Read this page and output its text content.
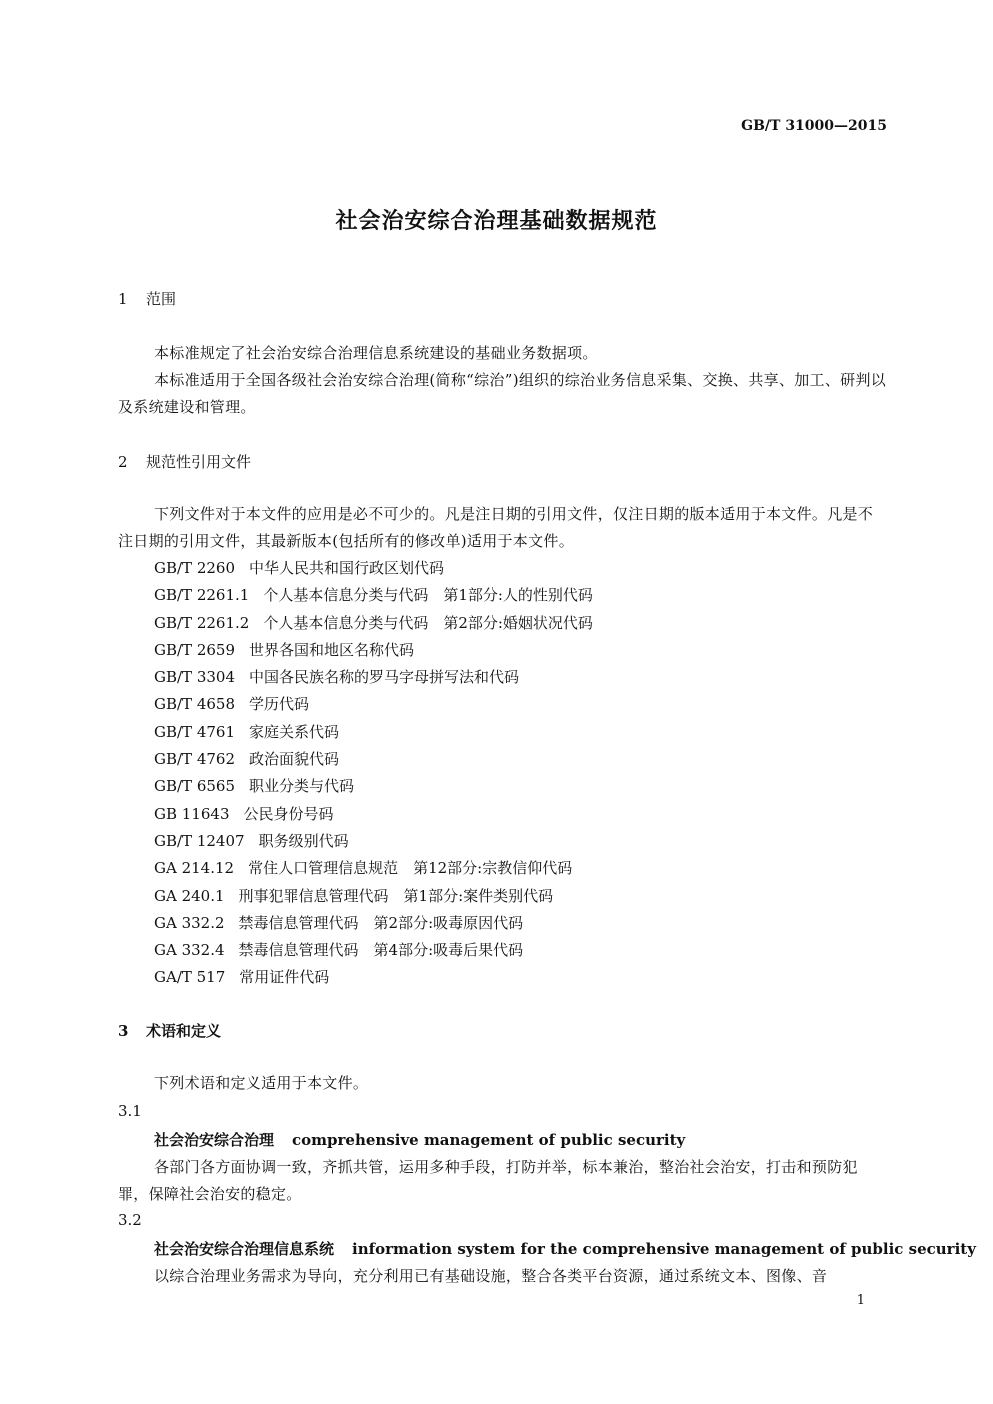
GB/T 31000—2015
社会治安综合治理基础数据规范
1 范围
本标准规定了社会治安综合治理信息系统建设的基础业务数据项。
本标准适用于全国各级社会治安综合治理(简称“综治”)组织的综治业务信息采集、交换、共享、加工、研判以及系统建设和管理。
2 规范性引用文件
下列文件对于本文件的应用是必不可少的。凡是注日期的引用文件，仅注日期的版本适用于本文件。凡是不注日期的引用文件，其最新版本(包括所有的修改单)适用于本文件。
GB/T 2260 中华人民共和国行政区划代码
GB/T 2261.1 个人基本信息分类与代码　第1部分:人的性别代码
GB/T 2261.2 个人基本信息分类与代码　第2部分:婚姻状况代码
GB/T 2659 世界各国和地区名称代码
GB/T 3304 中国各民族名称的罗马字母拼写法和代码
GB/T 4658 学历代码
GB/T 4761 家庭关系代码
GB/T 4762 政治面貌代码
GB/T 6565 职业分类与代码
GB 11643 公民身份号码
GB/T 12407 职务级别代码
GA 214.12 常住人口管理信息规范　第12部分:宗教信仰代码
GA 240.1 刑事犯罪信息管理代码　第1部分:案件类别代码
GA 332.2 禁毒信息管理代码　第2部分:吸毒原因代码
GA 332.4 禁毒信息管理代码　第4部分:吸毒后果代码
GA/T 517 常用证件代码
3 术语和定义
下列术语和定义适用于本文件。
3.1
社会治安综合治理 comprehensive management of public security
各部门各方面协调一致，齐抓共管，运用多种手段，打防并举，标本兼治，整治社会治安，打击和预防犯罪，保障社会治安的稳定。
3.2
社会治安综合治理信息系统 information system for the comprehensive management of public security
以综合治理业务需求为导向，充分利用已有基础设施，整合各类平台资源，通过系统文本、图像、音
1
